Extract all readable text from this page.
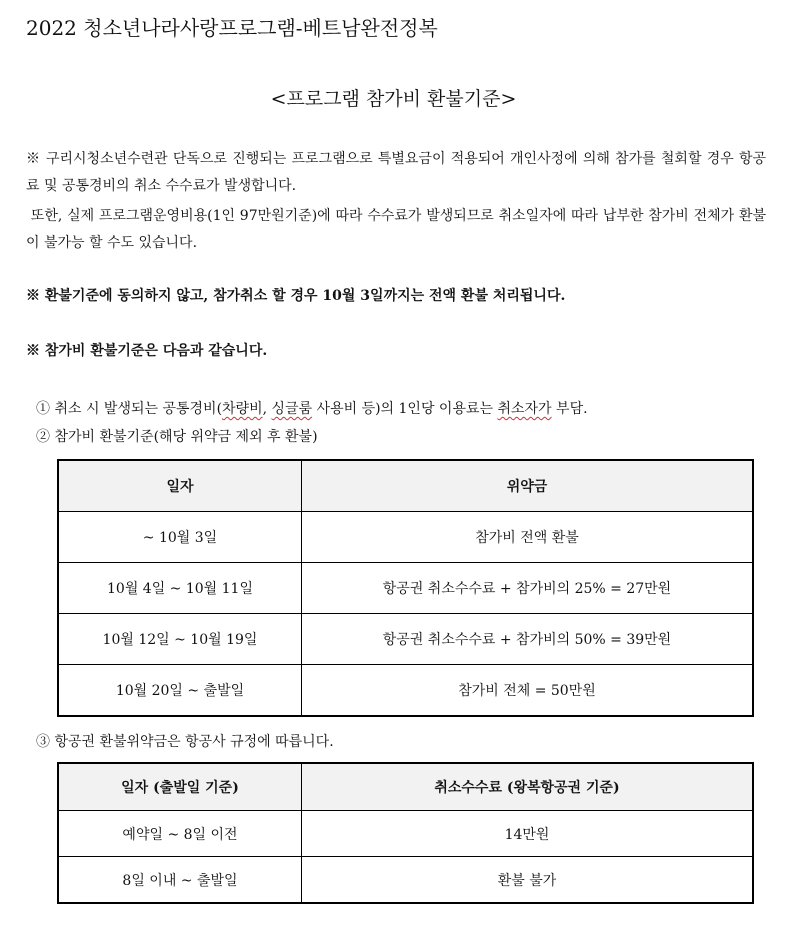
2022 청소년나라사랑프로그램-베트남완전정복
<프로그램 참가비 환불기준>
※ 구리시청소년수련관 단독으로 진행되는 프로그램으로 특별요금이 적용되어 개인사정에 의해 참가를 철회할 경우 항공료 및 공통경비의 취소 수수료가 발생합니다.
또한, 실제 프로그램운영비용(1인 97만원기준)에 따라 수수료가 발생되므로 취소일자에 따라 납부한 참가비 전체가 환불이 불가능 할 수도 있습니다.
※ 환불기준에 동의하지 않고, 참가취소 할 경우 10월 3일까지는 전액 환불 처리됩니다.
※ 참가비 환불기준은 다음과 같습니다.
① 취소 시 발생되는 공통경비(차량비, 싱글룸 사용비 등)의 1인당 이용료는 취소자가 부담.
② 참가비 환불기준(해당 위약금 제외 후 환불)
일자	위약금
~ 10월 3일	참가비 전액 환불
10월 4일 ~ 10월 11일	항공권 취소수수료 + 참가비의 25% = 27만원
10월 12일 ~ 10월 19일	항공권 취소수수료 + 참가비의 50% = 39만원
10월 20일 ~ 출발일	참가비 전체 = 50만원
③ 항공권 환불위약금은 항공사 규정에 따릅니다.
일자 (출발일 기준)	취소수수료 (왕복항공권 기준)
예약일 ~ 8일 이전	14만원
8일 이내 ~ 출발일	환불 불가
